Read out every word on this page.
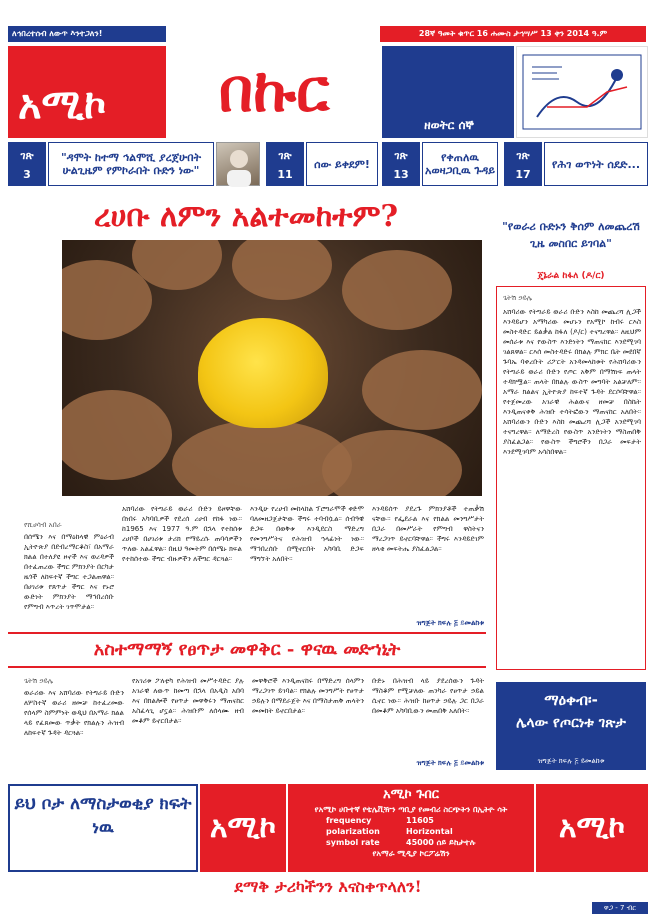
ለኅበረተሰብ ለውጥ እንተጋለን!	28ኛ ዓመት ቁጥር 16 ሐሙስ ታኅሣሥ 13 ቀን 2014 ዓ.ም
አሚኮ	በኩር	ዘወትር ሰኞ
ገጽ
3
"ዳሞት ከተማ ኅልሞሺ ያረጀሁበት ሁልጊዜም የምኮራበት ቡድን ነው"
ገጽ
11
ሰው ይቀደም!
ገጽ
13
የቀጠለዉ አወዛጋቢዉ ጉዳይ
ገጽ
17
የሕገ ወጥነት ሰደድ...
ረሀቡ ለምን አልተመከተም?
የሺሀሳብ አበራ
በሰሜን እና በማዕከላዊ ምዕራብ ኢትዮጵያ በደብረማርቆስ፣ በአማራ ክልል በተለያዩ ዞኖች እና ወረዳዎች በተፈጠረው ችግር ምክንያት በርካታ ዜጎች ለከፍተኛ ችግር ተጋልጠዋል። በሀገሪቱ የጸጥታ ችግር እና የኑሮ ውድነት ምክንያት ማኅበረሰቡ የምግብ እጥረት ገጥሞታል።
አሸባሪው የትግራይ ወራሪ ቡድን ይዞዋቸው በነበሩ አካባቢዎች የደረሰ ረሀብ የከፋ ነው። ከ1965 እና 1977 ዓ.ም በኋላ የተከሰቱ ረሀቦች በሀገሪቱ ታሪክ የማይረሱ ጠባሳዎችን ጥለው አልፈዋል። በዚህ ዓመትም በሰሜኑ ክፍል የተከሰተው ችግር ብዙዎችን ለችግር ዳርጓል።
እንዲሁ የረሀብ መከላከል ፕሮግራሞች ቀድሞ ባለመዘጋጀታቸው ችግሩ ተባብሷል። ሰብዓዊ ድጋፍ በወቅቱ እንዲደርስ ማድረግ የመንግሥትና የሕዝብ ኀላፊነት ነው። ማኅበረሰቡ በሚኖርበት አካባቢ ድጋፍ ማግኘት አለበት።
እንዳይሰጥ ያደረጉ ምክንያቶች ተጠቃሽ ናቸው። የፌደራል እና የክልል መንግሥታት በጋራ በመሥራት የምግብ ዋስትናን ማረጋገጥ ይኖርባቸዋል። ችግሩ እንዳይደገም ዘላቂ መፍትሔ ያስፈልጋል።
ዝግጅት ክፍሉ ፭ ይመልከቱ
"የወራሪ ቡድኑን ቅሰም ለመጨረሽ ጊዜ መስበር ይገባል"
ጄኔራል ከፋለ (ዶ/ር)
ጌትሽ ኃይሌ
አሸባሪው የትግራይ ወራሪ ቡድን እስከ መጨረሻ ሊጋች እንዳይሆን አማካሪው መሆኑን የአሚኮ ከብሩ ርእስ መስተዳድር ይልቃል ከፋለ (ዶ/ር) ተናግረዋል። ለዚህም መሰራቱ እና የውስጥ እንድነትን ማጠናከር እንደሚገባ ገልጸዋል። ርእሰ መስተዳድሩ በክልሉ ምክር ቤት መደበኛ ጉባኤ ባቀረቡት ሪፖርት አንዳመላከቱት የሕሸባሪውን የትግራይ ወራሪ ቡድን የጦር አቅም በማሽነፍ ጠላት ተዳክሟል። ጠላት በክልሉ ውስጥ መግባት አልቻለም። አማራ ክልልና ኢትዮጵያ ከፍተኛ ጉዳት ደርሶባቸዋል። የተጀመረው አገራዊ ሕልውና ዘመቻ በስኬት እንዲጠናቀቅ ሕዝቡ ተሳትፎውን ማጠናከር አለበት። አሸባሪውን ቡድን እስከ መጨረሻ ሊጋች አንደሚገባ ተናግረዋል። ለማድረስ የውስጥ አንድነትን ማስጠበቅ ያስፈልጋል። የውስጥ ችግሮችን በጋራ መፍታት እንደሚገባም አሳስበዋል።
ማዕቀብ፡-
ሌላው የጦርነቱ ገጽታ
ዝግጅት ክፍሉ ፭ ይመልከቱ
አስተማማኝ የፀጥታ መዋቅር - ዋናዉ መድኀኒት
ጌትሽ ኃይሌ
ወራሪው እና አሸባሪው የትግራይ ቡድን ለሦስተኛ ወራሪ ዘመቻ ከተፈረመው የሰላም ስምምነት ወዲህ በአማራ ክልል ላይ የፈጸመው ጥቃት የክልሉን ሕዝብ ለከፍተኛ ጉዳት ዳርጓል።
የአገሪቱ ፖለቲካ የሕዝብ መሥተዳድር ያሉ አገራዊ ለውጥ ከመጣ በኋላ በአዲስ አበባ እና በክልሎች የፀጥታ መዋቅሩን ማጠናከር አስፈላጊ ሆኗል። ሕዝቡም ለሰላሙ ዘብ መቆም ይኖርበታል።
መዋቅሮች እንዲጠናከሩ በማድረግ ሰላምን ማረጋገጥ ይገባል። የክልሉ መንግሥት የፀጥታ ኃይሉን በማደራጀት እና በማስታጠቅ ጠላትን መመከት ይኖርበታል።
ቡድኑ በሕዝብ ላይ ያደረሰውን ጉዳት ማስቆም የሚቻለው ጠንካራ የፀጥታ ኃይል ሲኖር ነው። ሕዝቡ ከፀጥታ ኃይሉ ጋር በጋራ በመቆም አካባቢውን መጠበቅ አለበት።
ዝግጅት ክፍሉ ፭ ይመልከቱ
ይህ ቦታ ለማስታወቂያ ክፍት ነዉ	አሚኮ
አሚኮ ጉበር
የአሚኮ ሀቡተኛ የቴሌቪዥን ጣቢያ የመብሪ ስርጭትን በኢትዮ ሳት
frequency	11605
polarization	Horizontal
symbol rate	45000 ሰይ ይከታተሉ
የአማራ ሚዲያ ኮርፖሬሽን
አሚኮ
ደማቅ ታሪካችንን እናስቀጥላለን!
ዋጋ - 7 ብር
